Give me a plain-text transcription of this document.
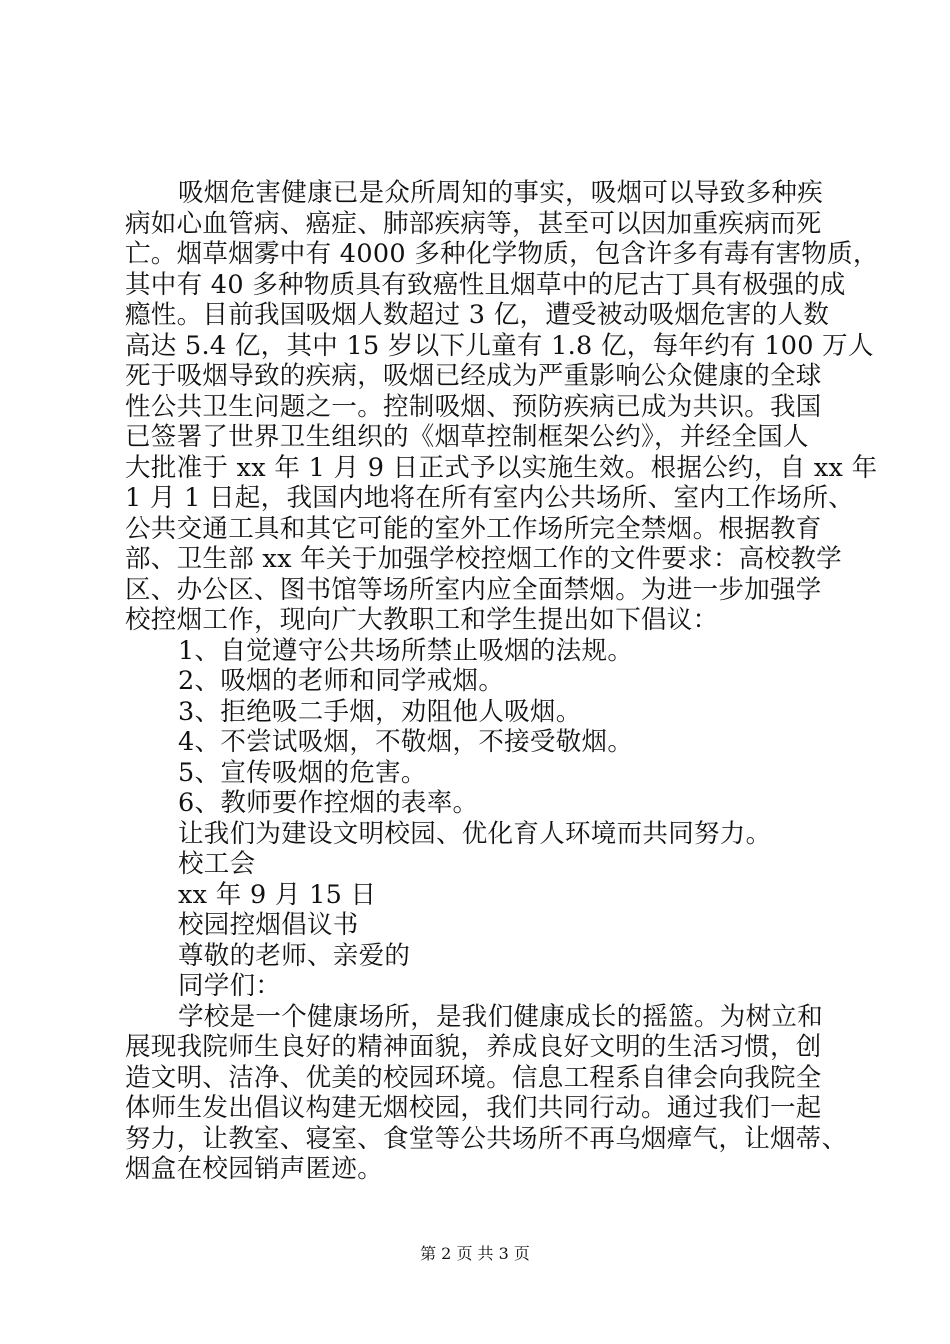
吸烟危害健康已是众所周知的事实，吸烟可以导致多种疾
病如心血管病、癌症、肺部疾病等，甚至可以因加重疾病而死
亡。烟草烟雾中有 4000 多种化学物质，包含许多有毒有害物质，
其中有 40 多种物质具有致癌性且烟草中的尼古丁具有极强的成
瘾性。目前我国吸烟人数超过 3 亿，遭受被动吸烟危害的人数
高达 5.4 亿，其中 15 岁以下儿童有 1.8 亿，每年约有 100 万人
死于吸烟导致的疾病，吸烟已经成为严重影响公众健康的全球
性公共卫生问题之一。控制吸烟、预防疾病已成为共识。我国
已签署了世界卫生组织的《烟草控制框架公约》，并经全国人
大批准于 xx 年 1 月 9 日正式予以实施生效。根据公约，自 xx 年
1 月 1 日起，我国内地将在所有室内公共场所、室内工作场所、
公共交通工具和其它可能的室外工作场所完全禁烟。根据教育
部、卫生部 xx 年关于加强学校控烟工作的文件要求：高校教学
区、办公区、图书馆等场所室内应全面禁烟。为进一步加强学
校控烟工作，现向广大教职工和学生提出如下倡议：
1、自觉遵守公共场所禁止吸烟的法规。
2、吸烟的老师和同学戒烟。
3、拒绝吸二手烟，劝阻他人吸烟。
4、不尝试吸烟，不敬烟，不接受敬烟。
5、宣传吸烟的危害。
6、教师要作控烟的表率。
让我们为建设文明校园、优化育人环境而共同努力。
校工会
xx 年 9 月 15 日
校园控烟倡议书
尊敬的老师、亲爱的
同学们：
学校是一个健康场所，是我们健康成长的摇篮。为树立和
展现我院师生良好的精神面貌，养成良好文明的生活习惯，创
造文明、洁净、优美的校园环境。信息工程系自律会向我院全
体师生发出倡议构建无烟校园，我们共同行动。通过我们一起
努力，让教室、寝室、食堂等公共场所不再乌烟瘴气，让烟蒂、
烟盒在校园销声匿迹。
第 2 页 共 3 页
